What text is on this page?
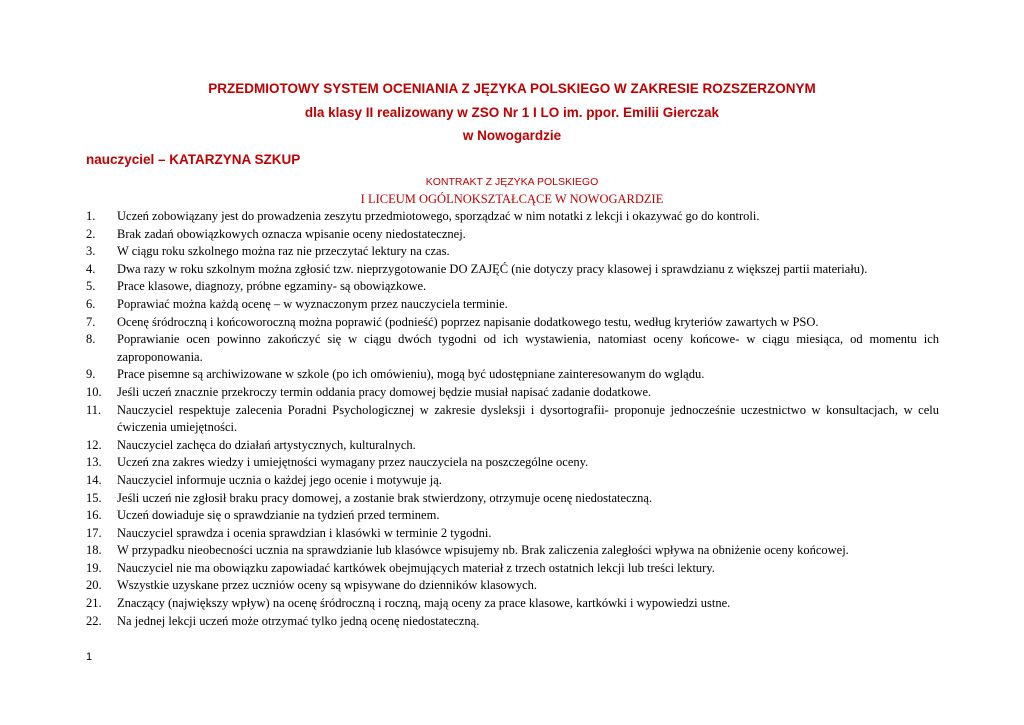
PRZEDMIOTOWY SYSTEM OCENIANIA Z JĘZYKA POLSKIEGO W ZAKRESIE ROZSZERZONYM

dla klasy II realizowany w ZSO Nr 1 I LO im. ppor. Emilii Gierczak

w Nowogardzie

nauczyciel – KATARZYNA SZKUP
KONTRAKT Z JĘZYKA POLSKIEGO
I LICEUM OGÓLNOKSZTAŁCĄCE W NOWOGARDZIE
1.	Uczeń zobowiązany jest do prowadzenia zeszytu przedmiotowego, sporządzać w nim notatki z lekcji i okazywać go do kontroli.
2.	Brak zadań obowiązkowych oznacza wpisanie oceny niedostatecznej.
3.	W ciągu roku szkolnego można raz nie przeczytać lektury na czas.
4.	Dwa razy w roku szkolnym można zgłosić tzw. nieprzygotowanie DO ZAJĘĆ (nie dotyczy pracy klasowej i sprawdzianu z większej partii materiału).
5.	Prace klasowe, diagnozy, próbne egzaminy- są obowiązkowe.
6.	Poprawiać można każdą ocenę – w wyznaczonym przez nauczyciela terminie.
7.	Ocenę śródroczną i końcoworoczną można poprawić (podnieść) poprzez napisanie dodatkowego testu, według kryteriów zawartych w PSO.
8.	Poprawianie ocen powinno zakończyć się w ciągu dwóch tygodni od ich wystawienia, natomiast oceny końcowe- w ciągu miesiąca, od momentu ich zaproponowania.
9.	Prace pisemne są archiwizowane w szkole (po ich omówieniu), mogą być udostępniane zainteresowanym do wglądu.
10.	Jeśli uczeń znacznie przekroczy termin oddania pracy domowej będzie musiał napisać zadanie dodatkowe.
11.	Nauczyciel respektuje zalecenia Poradni Psychologicznej w zakresie dysleksji i dysortografii- proponuje jednocześnie uczestnictwo w konsultacjach, w celu ćwiczenia umiejętności.
12.	Nauczyciel zachęca do działań artystycznych, kulturalnych.
13.	Uczeń zna zakres wiedzy i umiejętności wymagany przez nauczyciela na poszczególne oceny.
14.	Nauczyciel informuje ucznia o każdej jego ocenie i motywuje ją.
15.	Jeśli uczeń nie zgłosił braku pracy domowej, a zostanie brak stwierdzony, otrzymuje ocenę niedostateczną.
16.	Uczeń dowiaduje się o sprawdzianie na tydzień przed terminem.
17.	Nauczyciel sprawdza i ocenia sprawdzian i klasówki w terminie 2 tygodni.
18.	W przypadku nieobecności ucznia na sprawdzianie lub klasówce wpisujemy nb. Brak zaliczenia zaległości wpływa na obniżenie oceny końcowej.
19.	Nauczyciel nie ma obowiązku zapowiadać kartkówek obejmujących materiał z trzech ostatnich lekcji lub treści lektury.
20.	Wszystkie uzyskane przez uczniów oceny są wpisywane do dzienników klasowych.
21.	Znaczący (największy wpływ) na ocenę śródroczną i roczną, mają oceny za prace klasowe, kartkówki i wypowiedzi ustne.
22.	Na jednej lekcji uczeń może otrzymać tylko jedną ocenę niedostateczną.
1
